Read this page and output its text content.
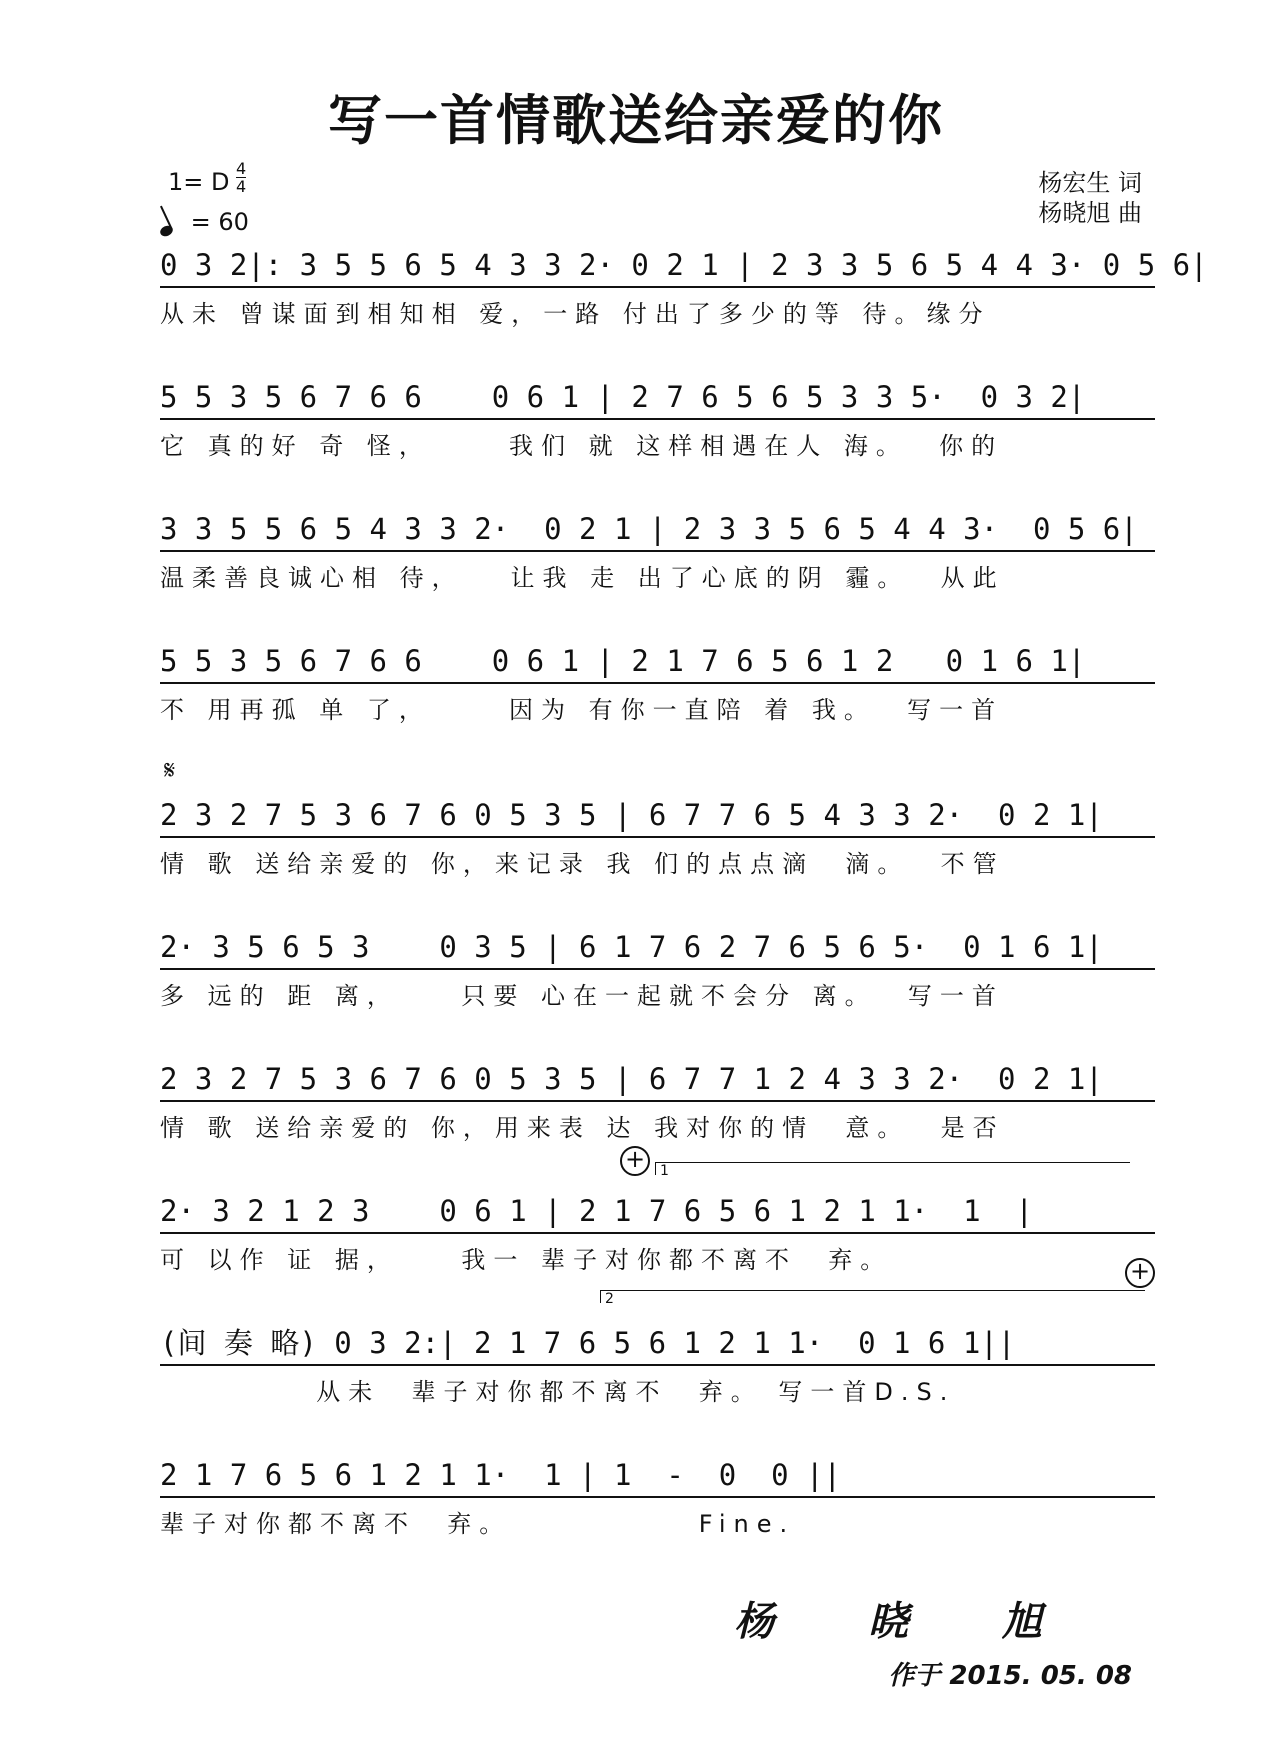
写一首情歌送给亲爱的你
1= D 4
4
= 60
杨宏生 词
杨晓旭 曲
𝄋
0 3 2|: 3 5 5 6 5 4 3 3 2· 0 2 1 | 2 3 3 5 6 5 4 4 3· 0 5 6|
从未 曾谋面到相知相 爱，一路 付出了多少的等 待。缘分
5 5 3 5 6 7 6 6    0 6 1 | 2 7 6 5 6 5 3 3 5·  0 3 2|
它 真的好 奇 怪，     我们 就 这样相遇在人 海。  你的
3 3 5 5 6 5 4 3 3 2·  0 2 1 | 2 3 3 5 6 5 4 4 3·  0 5 6|
温柔善良诚心相 待，   让我 走 出了心底的阴 霾。  从此
5 5 3 5 6 7 6 6    0 6 1 | 2 1 7 6 5 6 1 2   0 1 6 1|
不 用再孤 单 了，     因为 有你一直陪 着 我。  写一首
2 3 2 7 5 3 6 7 6 0 5 3 5 | 6 7 7 6 5 4 3 3 2·  0 2 1|
情 歌 送给亲爱的 你，来记录 我 们的点点滴  滴。  不管
2· 3 5 6 5 3    0 3 5 | 6 1 7 6 2 7 6 5 6 5·  0 1 6 1|
多 远的 距 离，    只要 心在一起就不会分 离。  写一首
2 3 2 7 5 3 6 7 6 0 5 3 5 | 6 7 7 1 2 4 3 3 2·  0 2 1|
情 歌 送给亲爱的 你，用来表 达 我对你的情  意。  是否
+	1
2· 3 2 1 2 3    0 6 1 | 2 1 7 6 5 6 1 2 1 1·  1  |
可 以作 证 据，    我一 辈子对你都不离不  弃。	+
2
(间 奏 略) 0 3 2:| 2 1 7 6 5 6 1 2 1 1·  0 1 6 1||
从未  辈子对你都不离不  弃。 写一首D.S.
2 1 7 6 5 6 1 2 1 1·  1 | 1  -  0  0 ||
辈子对你都不离不  弃。            Fine.
杨 晓 旭
作于 2015. 05. 08
